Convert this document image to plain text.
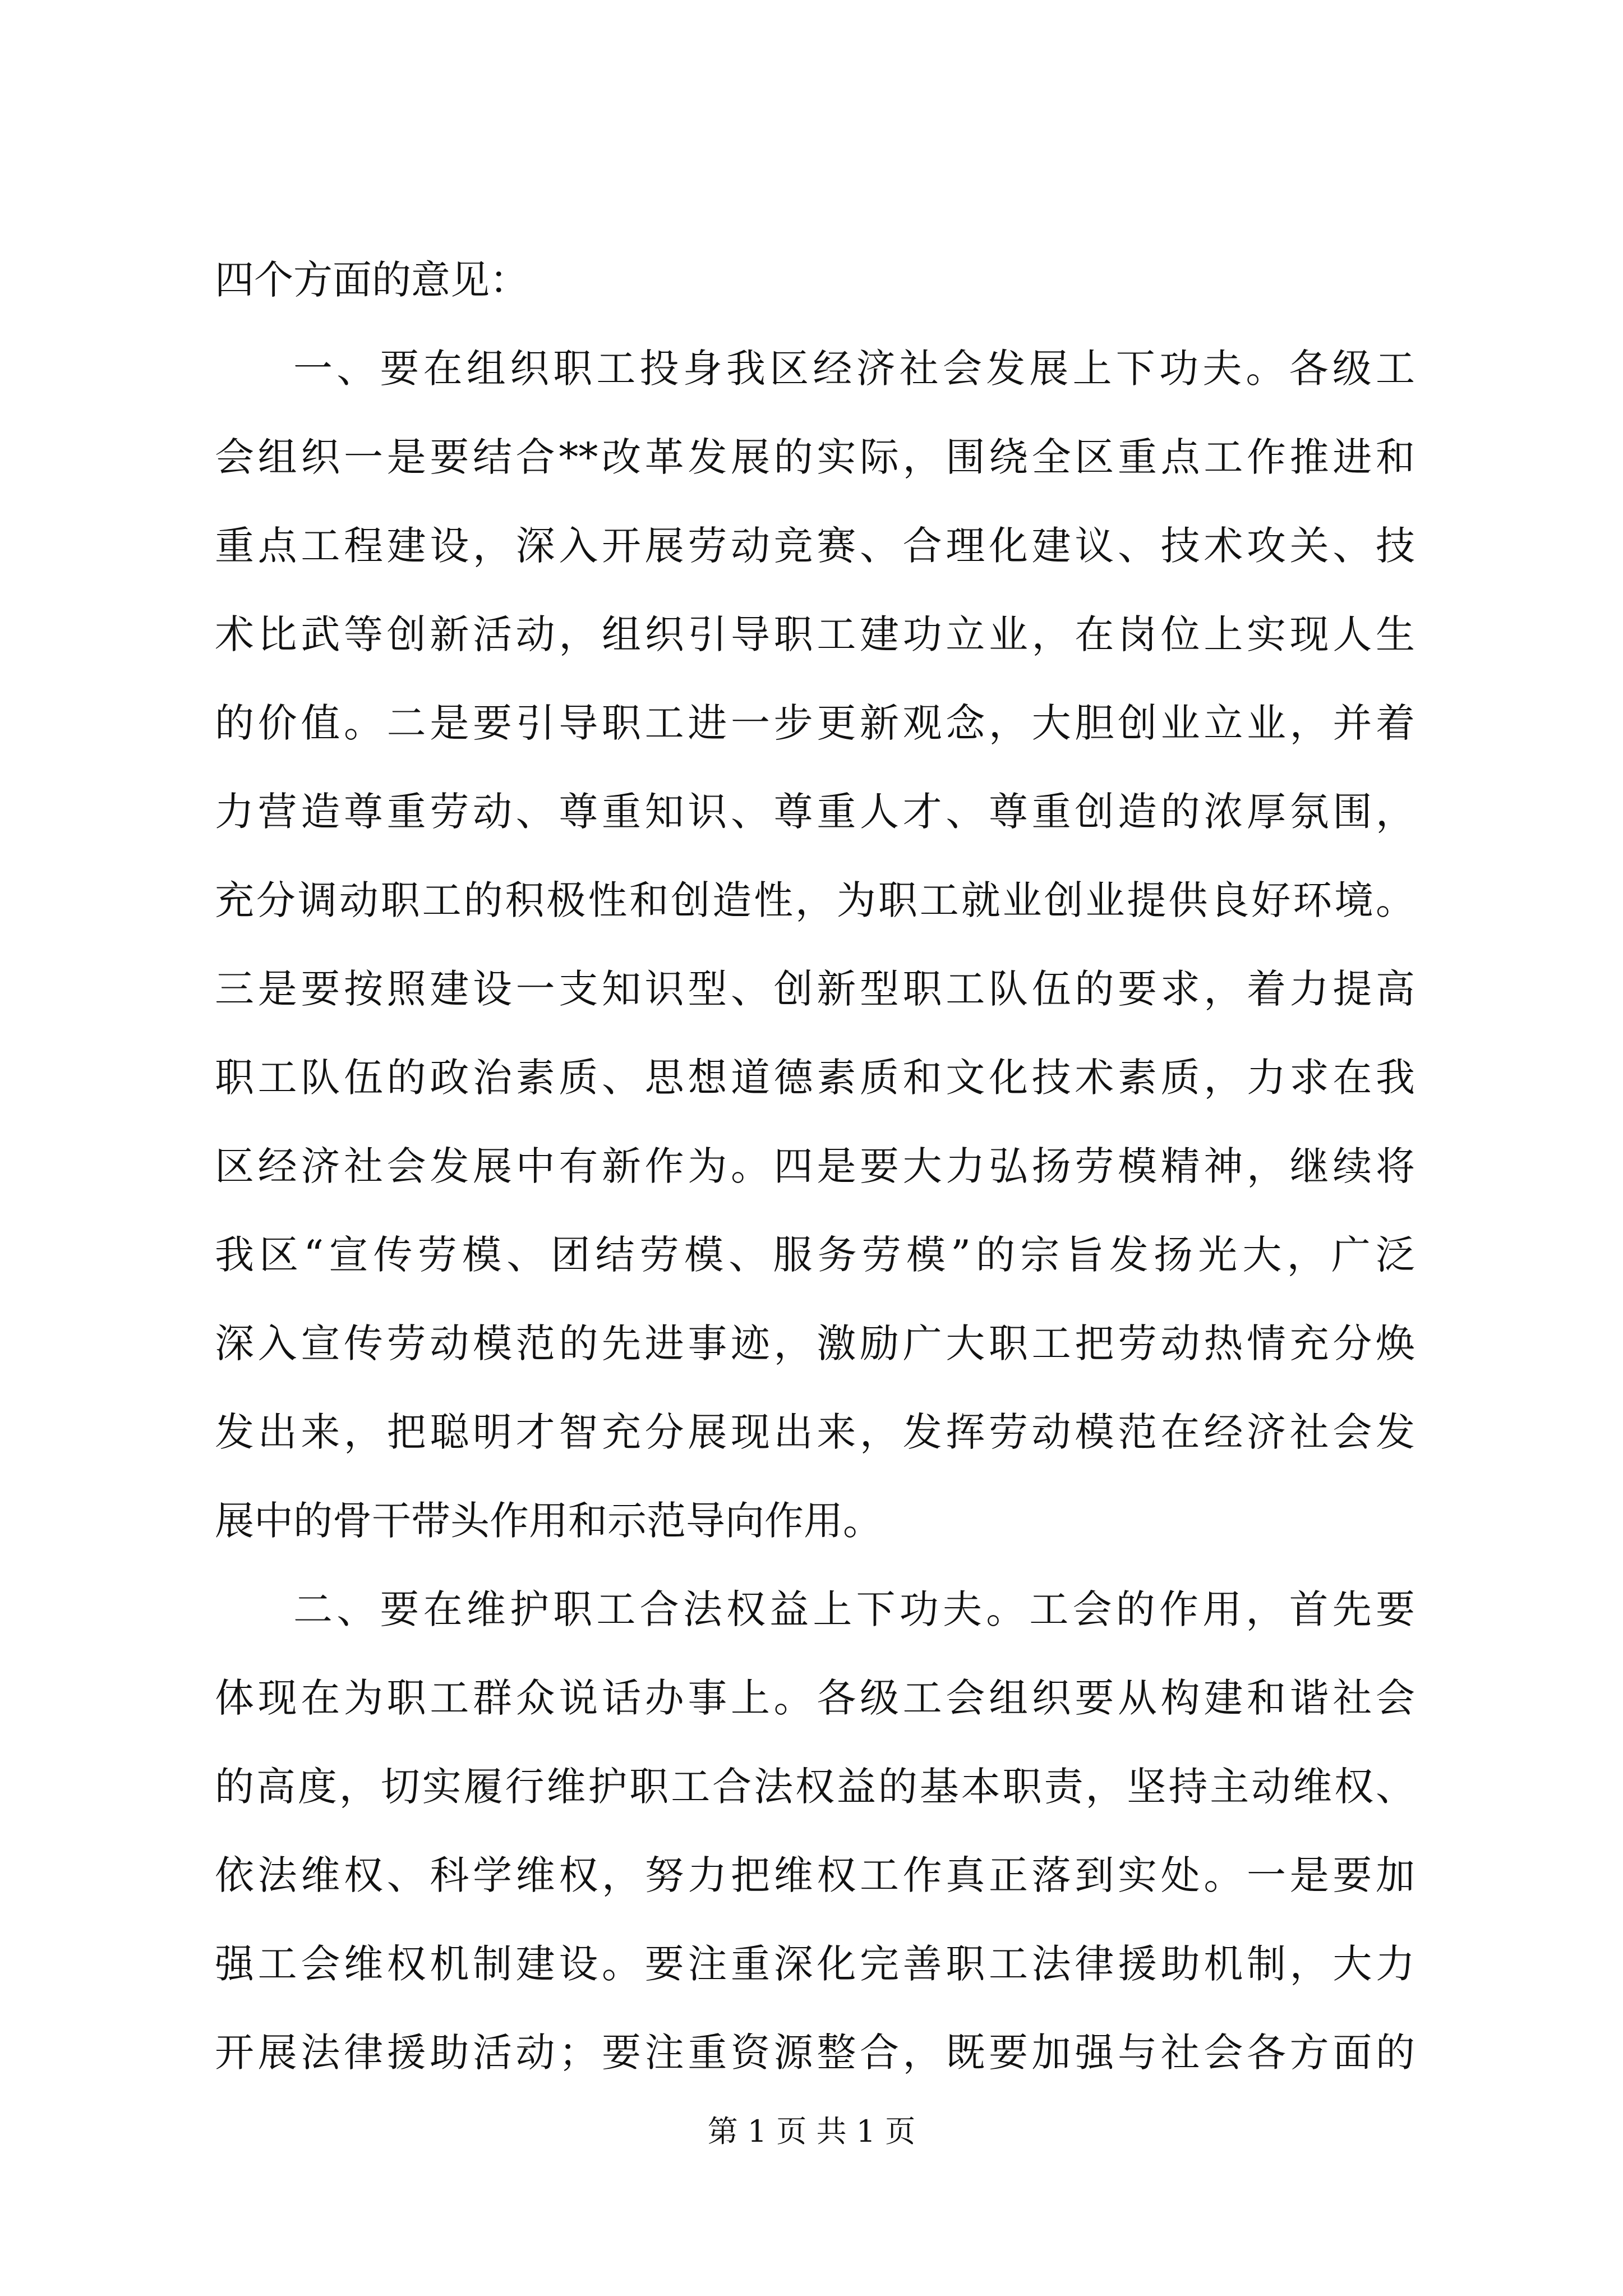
四个方面的意见：
一、要在组织职工投身我区经济社会发展上下功夫。各级工
会组织一是要结合**改革发展的实际，围绕全区重点工作推进和
重点工程建设，深入开展劳动竞赛、合理化建议、技术攻关、技
术比武等创新活动，组织引导职工建功立业，在岗位上实现人生
的价值。二是要引导职工进一步更新观念，大胆创业立业，并着
力营造尊重劳动、尊重知识、尊重人才、尊重创造的浓厚氛围，
充分调动职工的积极性和创造性，为职工就业创业提供良好环境。
三是要按照建设一支知识型、创新型职工队伍的要求，着力提高
职工队伍的政治素质、思想道德素质和文化技术素质，力求在我
区经济社会发展中有新作为。四是要大力弘扬劳模精神，继续将
我区“宣传劳模、团结劳模、服务劳模”的宗旨发扬光大，广泛
深入宣传劳动模范的先进事迹，激励广大职工把劳动热情充分焕
发出来，把聪明才智充分展现出来，发挥劳动模范在经济社会发
展中的骨干带头作用和示范导向作用。
二、要在维护职工合法权益上下功夫。工会的作用，首先要
体现在为职工群众说话办事上。各级工会组织要从构建和谐社会
的高度，切实履行维护职工合法权益的基本职责，坚持主动维权、
依法维权、科学维权，努力把维权工作真正落到实处。一是要加
强工会维权机制建设。要注重深化完善职工法律援助机制，大力
开展法律援助活动；要注重资源整合，既要加强与社会各方面的
第 1 页 共 1 页
